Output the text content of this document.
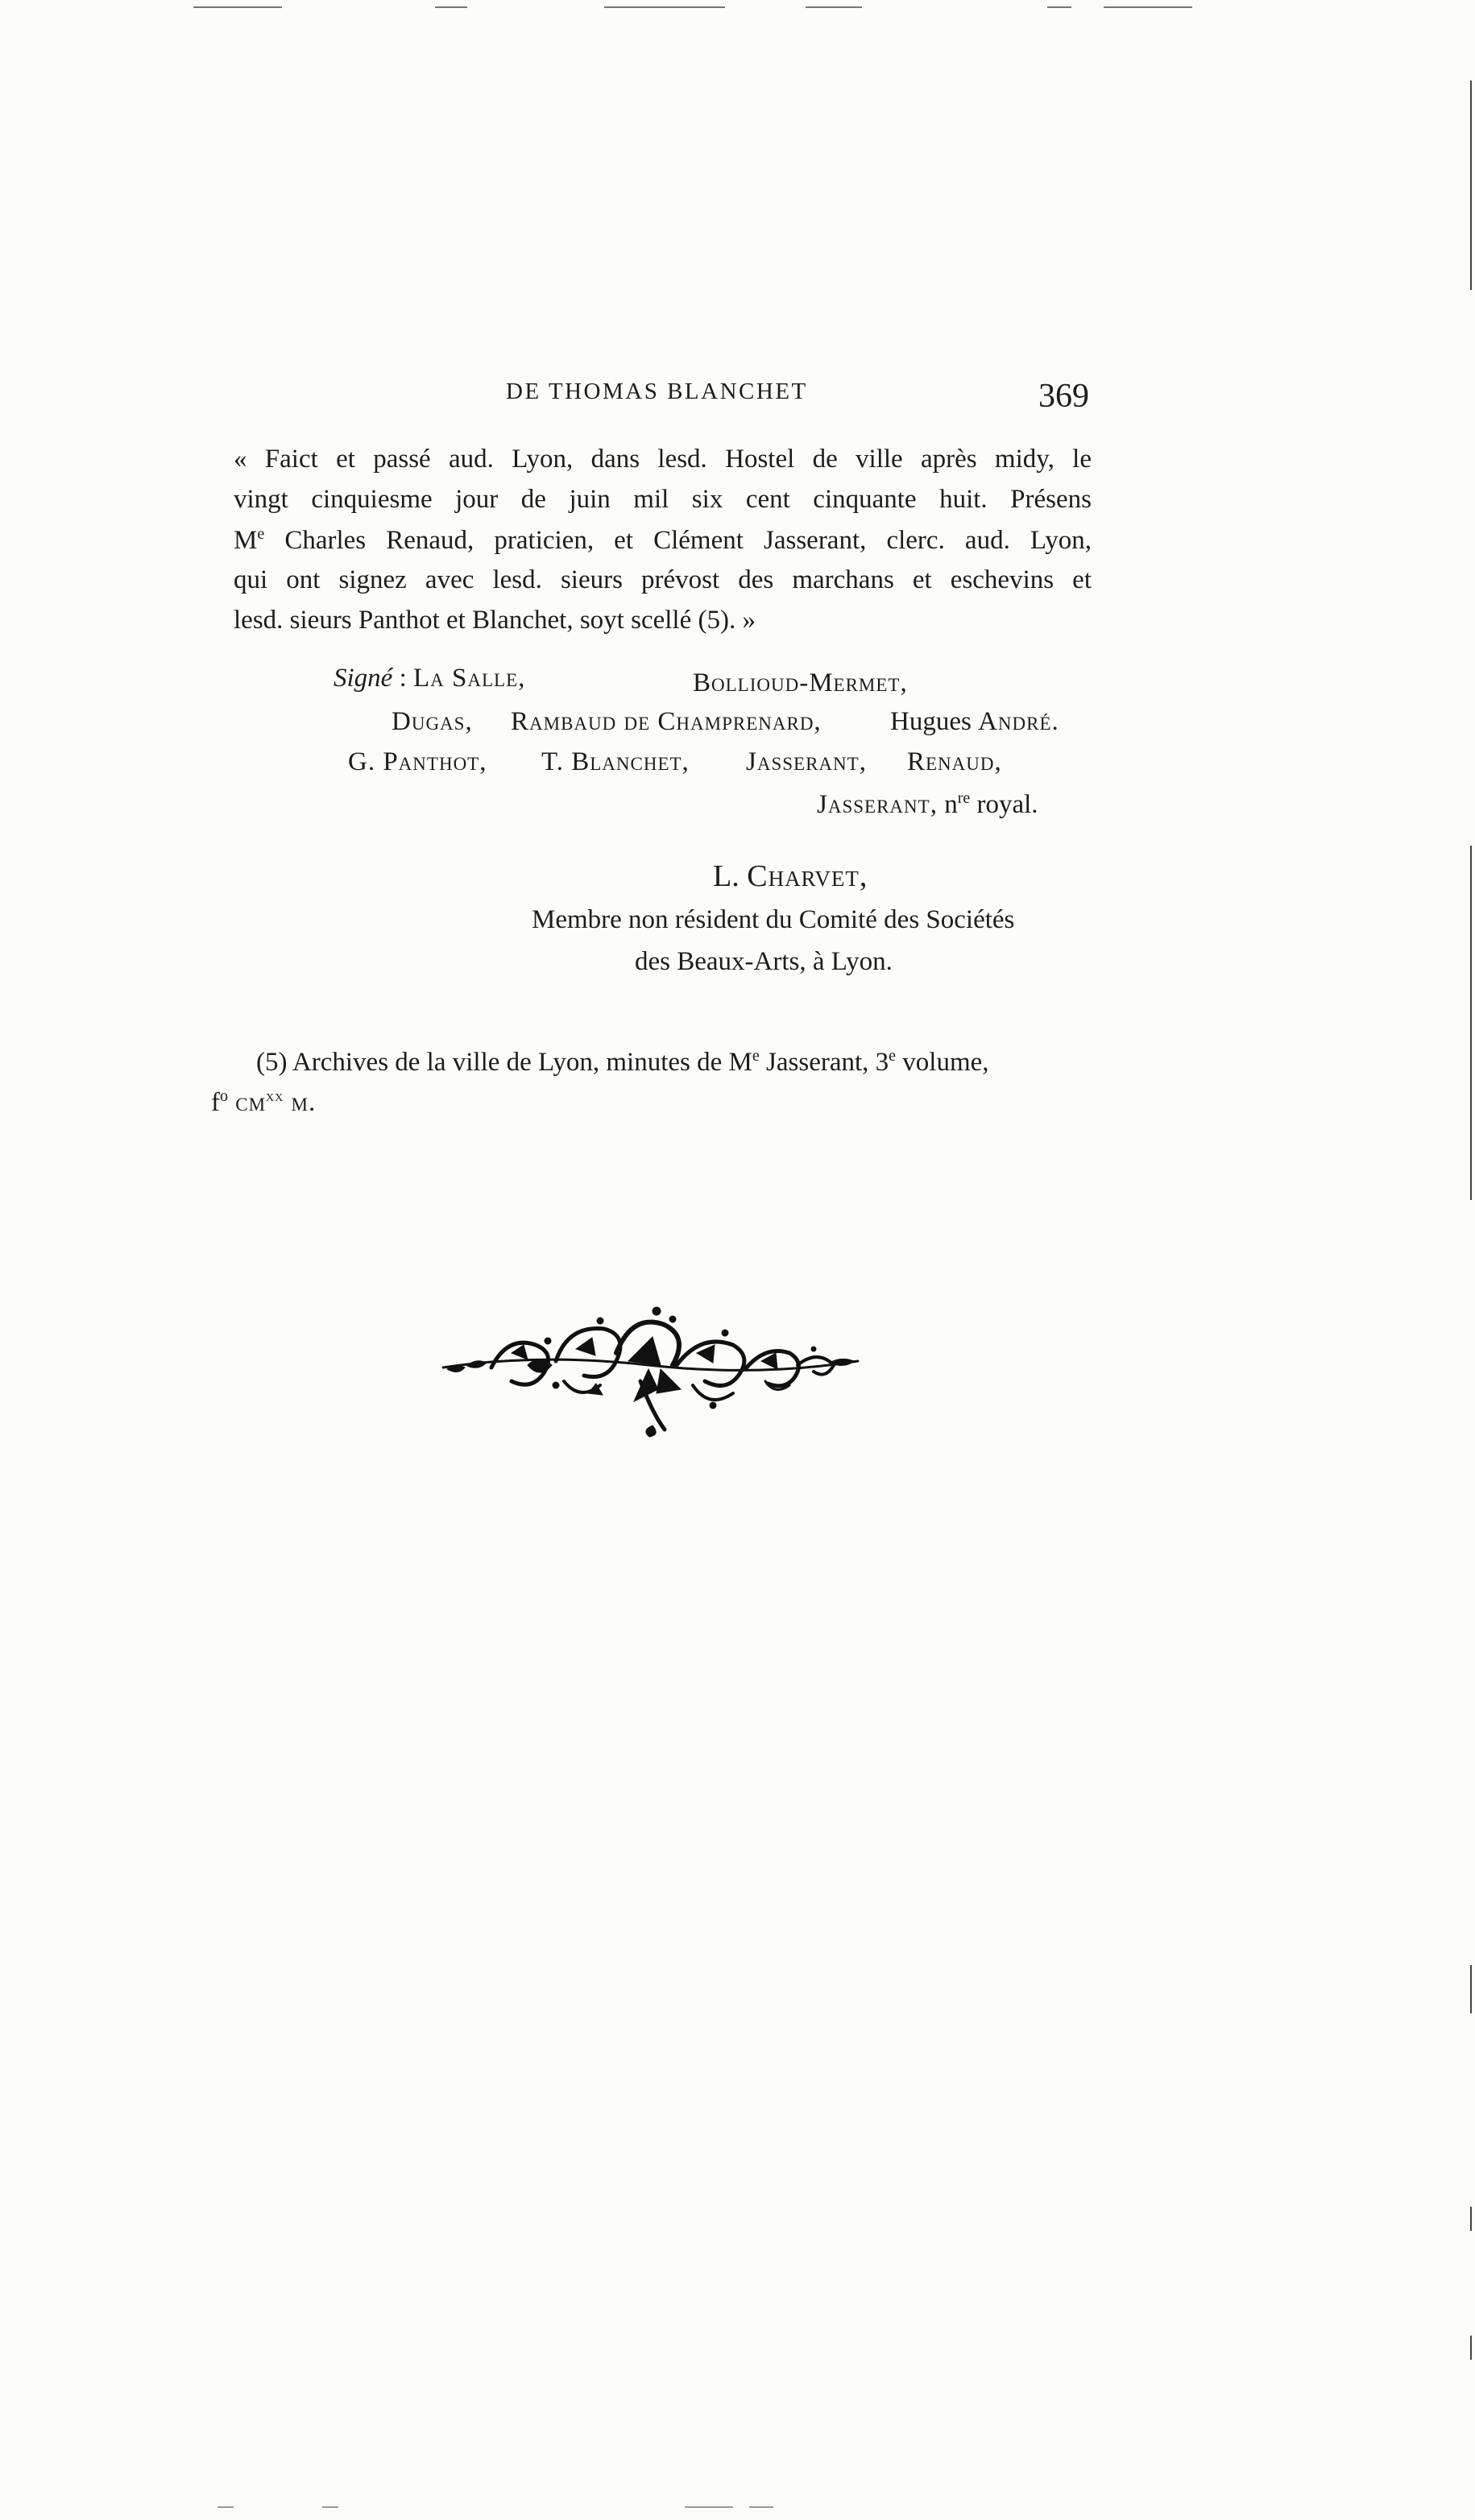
DE THOMAS BLANCHET	369
« Faict et passé aud. Lyon, dans lesd. Hostel de ville après midy, le
vingt cinquiesme jour de juin mil six cent cinquante huit. Présens
Me Charles Renaud, praticien, et Clément Jasserant, clerc. aud. Lyon,
qui ont signez avec lesd. sieurs prévost des marchans et eschevins et
lesd. sieurs Panthot et Blanchet, soyt scellé (5). »
Signé : La Salle,	Bollioud-Mermet,
Dugas, Rambaud de Champrenard,	Hugues André.
G. Panthot, T. Blanchet, Jasserant, Renaud,
Jasserant, $n^{re}$ royal.
L. Charvet,
Membre non résident du Comité des Sociétés
des Beaux-Arts, à Lyon.
(5) Archives de la ville de Lyon, minutes de Me Jasserant, 3e volume,
$f^o$ $cm^{xx}$ m.
